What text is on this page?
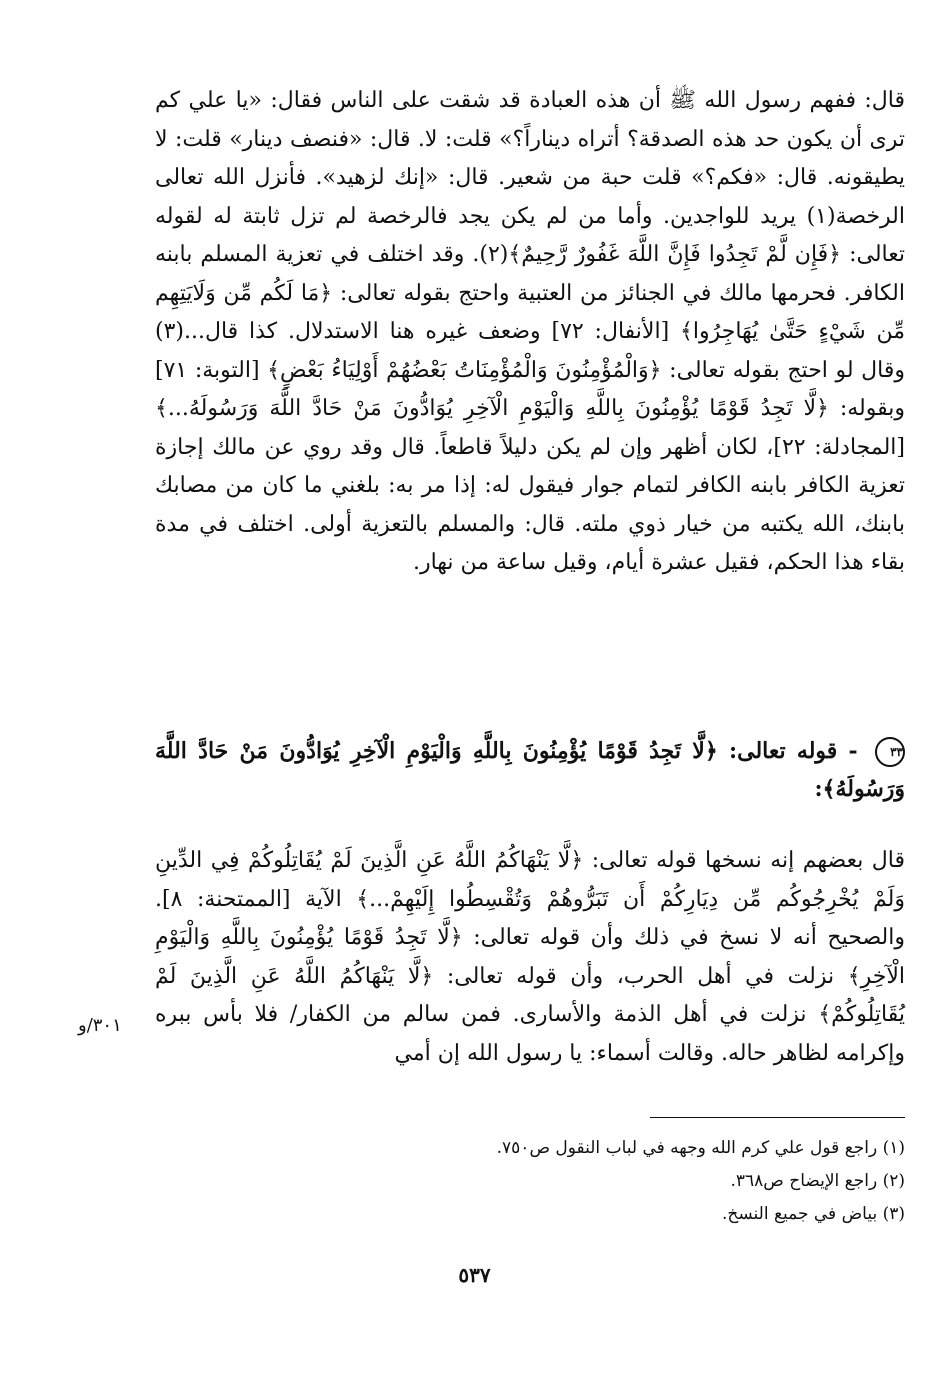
قال: ففهم رسول الله ﷺ أن هذه العبادة قد شقت على الناس فقال: «يا علي كم ترى أن يكون حد هذه الصدقة؟ أتراه ديناراً؟» قلت: لا. قال: «فنصف دينار» قلت: لا يطيقونه. قال: «فكم؟» قلت حبة من شعير. قال: «إنك لزهيد». فأنزل الله تعالى الرخصة(١) يريد للواجدين. وأما من لم يكن يجد فالرخصة لم تزل ثابتة له لقوله تعالى: ﴿فَإِن لَّمْ تَجِدُوا فَإِنَّ اللَّهَ غَفُورٌ رَّحِيمٌ﴾(٢). وقد اختلف في تعزية المسلم بابنه الكافر. فحرمها مالك في الجنائز من العتبية واحتج بقوله تعالى: ﴿مَا لَكُم مِّن وَلَايَتِهِم مِّن شَيْءٍ حَتَّىٰ يُهَاجِرُوا﴾ [الأنفال: ٧٢] وضعف غيره هنا الاستدلال. كذا قال...(٣) وقال لو احتج بقوله تعالى: ﴿وَالْمُؤْمِنُونَ وَالْمُؤْمِنَاتُ بَعْضُهُمْ أَوْلِيَاءُ بَعْضٍ﴾ [التوبة: ٧١] وبقوله: ﴿لَّا تَجِدُ قَوْمًا يُؤْمِنُونَ بِاللَّهِ وَالْيَوْمِ الْآخِرِ يُوَادُّونَ مَنْ حَادَّ اللَّهَ وَرَسُولَهُ...﴾ [المجادلة: ٢٢]، لكان أظهر وإن لم يكن دليلاً قاطعاً. قال وقد روي عن مالك إجازة تعزية الكافر بابنه الكافر لتمام جوار فيقول له: إذا مر به: بلغني ما كان من مصابك بابنك، الله يكتبه من خيار ذوي ملته. قال: والمسلم بالتعزية أولى. اختلف في مدة بقاء هذا الحكم، فقيل عشرة أيام، وقيل ساعة من نهار.

٣٣ - قوله تعالى: ﴿لَّا تَجِدُ قَوْمًا يُؤْمِنُونَ بِاللَّهِ وَالْيَوْمِ الْآخِرِ يُوَادُّونَ مَنْ حَادَّ اللَّهَ وَرَسُولَهُ﴾:

قال بعضهم إنه نسخها قوله تعالى: ﴿لَّا يَنْهَاكُمُ اللَّهُ عَنِ الَّذِينَ لَمْ يُقَاتِلُوكُمْ فِي الدِّينِ وَلَمْ يُخْرِجُوكُم مِّن دِيَارِكُمْ أَن تَبَرُّوهُمْ وَتُقْسِطُوا إِلَيْهِمْ...﴾ الآية [الممتحنة: ٨]. والصحيح أنه لا نسخ في ذلك وأن قوله تعالى: ﴿لَّا تَجِدُ قَوْمًا يُؤْمِنُونَ بِاللَّهِ وَالْيَوْمِ الْآخِرِ﴾ نزلت في أهل الحرب، وأن قوله تعالى: ﴿لَّا يَنْهَاكُمُ اللَّهُ عَنِ الَّذِينَ لَمْ يُقَاتِلُوكُمْ﴾ نزلت في أهل الذمة والأسارى. فمن سالم من الكفار/ فلا بأس ببره وإكرامه لظاهر حاله. وقالت أسماء: يا رسول الله إن أمي

٣٠١/و

(١) راجع قول علي كرم الله وجهه في لباب النقول ص٧٥٠.

(٢) راجع الإيضاح ص٣٦٨.

(٣) بياض في جميع النسخ.

٥٣٧
